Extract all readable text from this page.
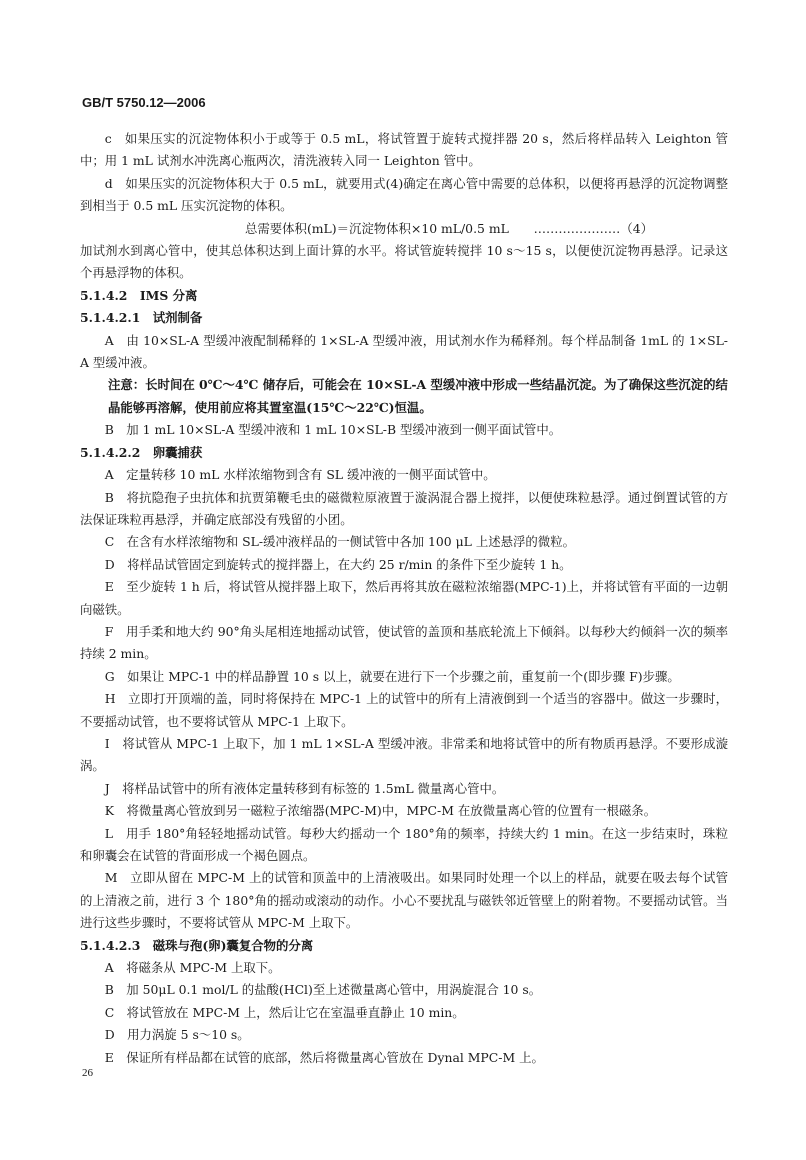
GB/T 5750.12—2006

c　如果压实的沉淀物体积小于或等于 0.5 mL，将试管置于旋转式搅拌器 20 s，然后将样品转入 Leighton 管中；用 1 mL 试剂水冲洗离心瓶两次，清洗液转入同一 Leighton 管中。

d　如果压实的沉淀物体积大于 0.5 mL，就要用式(4)确定在离心管中需要的总体积，以便将再悬浮的沉淀物调整到相当于 0.5 mL 压实沉淀物的体积。

总需要体积(mL)＝沉淀物体积×10 mL/0.5 mL　　…………………（4）

加试剂水到离心管中，使其总体积达到上面计算的水平。将试管旋转搅拌 10 s～15 s，以便使沉淀物再悬浮。记录这个再悬浮物的体积。

5.1.4.2　IMS 分离

5.1.4.2.1　试剂制备

A　由 10×SL-A 型缓冲液配制稀释的 1×SL-A 型缓冲液，用试剂水作为稀释剂。每个样品制备 1mL 的 1×SL-A 型缓冲液。

注意：长时间在 0℃～4℃ 储存后，可能会在 10×SL-A 型缓冲液中形成一些结晶沉淀。为了确保这些沉淀的结晶能够再溶解，使用前应将其置室温(15℃～22℃)恒温。

B　加 1 mL 10×SL-A 型缓冲液和 1 mL 10×SL-B 型缓冲液到一侧平面试管中。

5.1.4.2.2　卵囊捕获

A　定量转移 10 mL 水样浓缩物到含有 SL 缓冲液的一侧平面试管中。

B　将抗隐孢子虫抗体和抗贾第鞭毛虫的磁微粒原液置于漩涡混合器上搅拌，以便使珠粒悬浮。通过倒置试管的方法保证珠粒再悬浮，并确定底部没有残留的小团。

C　在含有水样浓缩物和 SL-缓冲液样品的一侧试管中各加 100 μL 上述悬浮的微粒。

D　将样品试管固定到旋转式的搅拌器上，在大约 25 r/min 的条件下至少旋转 1 h。

E　至少旋转 1 h 后，将试管从搅拌器上取下，然后再将其放在磁粒浓缩器(MPC-1)上，并将试管有平面的一边朝向磁铁。

F　用手柔和地大约 90°角头尾相连地摇动试管，使试管的盖顶和基底轮流上下倾斜。以每秒大约倾斜一次的频率持续 2 min。

G　如果让 MPC-1 中的样品静置 10 s 以上，就要在进行下一个步骤之前，重复前一个(即步骤 F)步骤。

H　立即打开顶端的盖，同时将保持在 MPC-1 上的试管中的所有上清液倒到一个适当的容器中。做这一步骤时，不要摇动试管，也不要将试管从 MPC-1 上取下。

I　将试管从 MPC-1 上取下，加 1 mL 1×SL-A 型缓冲液。非常柔和地将试管中的所有物质再悬浮。不要形成漩涡。

J　将样品试管中的所有液体定量转移到有标签的 1.5mL 微量离心管中。

K　将微量离心管放到另一磁粒子浓缩器(MPC-M)中，MPC-M 在放微量离心管的位置有一根磁条。

L　用手 180°角轻轻地摇动试管。每秒大约摇动一个 180°角的频率，持续大约 1 min。在这一步结束时，珠粒和卵囊会在试管的背面形成一个褐色圆点。

M　立即从留在 MPC-M 上的试管和顶盖中的上清液吸出。如果同时处理一个以上的样品，就要在吸去每个试管的上清液之前，进行 3 个 180°角的摇动或滚动的动作。小心不要扰乱与磁铁邻近管壁上的附着物。不要摇动试管。当进行这些步骤时，不要将试管从 MPC-M 上取下。

5.1.4.2.3　磁珠与孢(卵)囊复合物的分离

A　将磁条从 MPC-M 上取下。

B　加 50μL 0.1 mol/L 的盐酸(HCl)至上述微量离心管中，用涡旋混合 10 s。

C　将试管放在 MPC-M 上，然后让它在室温垂直静止 10 min。

D　用力涡旋 5 s～10 s。

E　保证所有样品都在试管的底部，然后将微量离心管放在 Dynal MPC-M 上。

26
